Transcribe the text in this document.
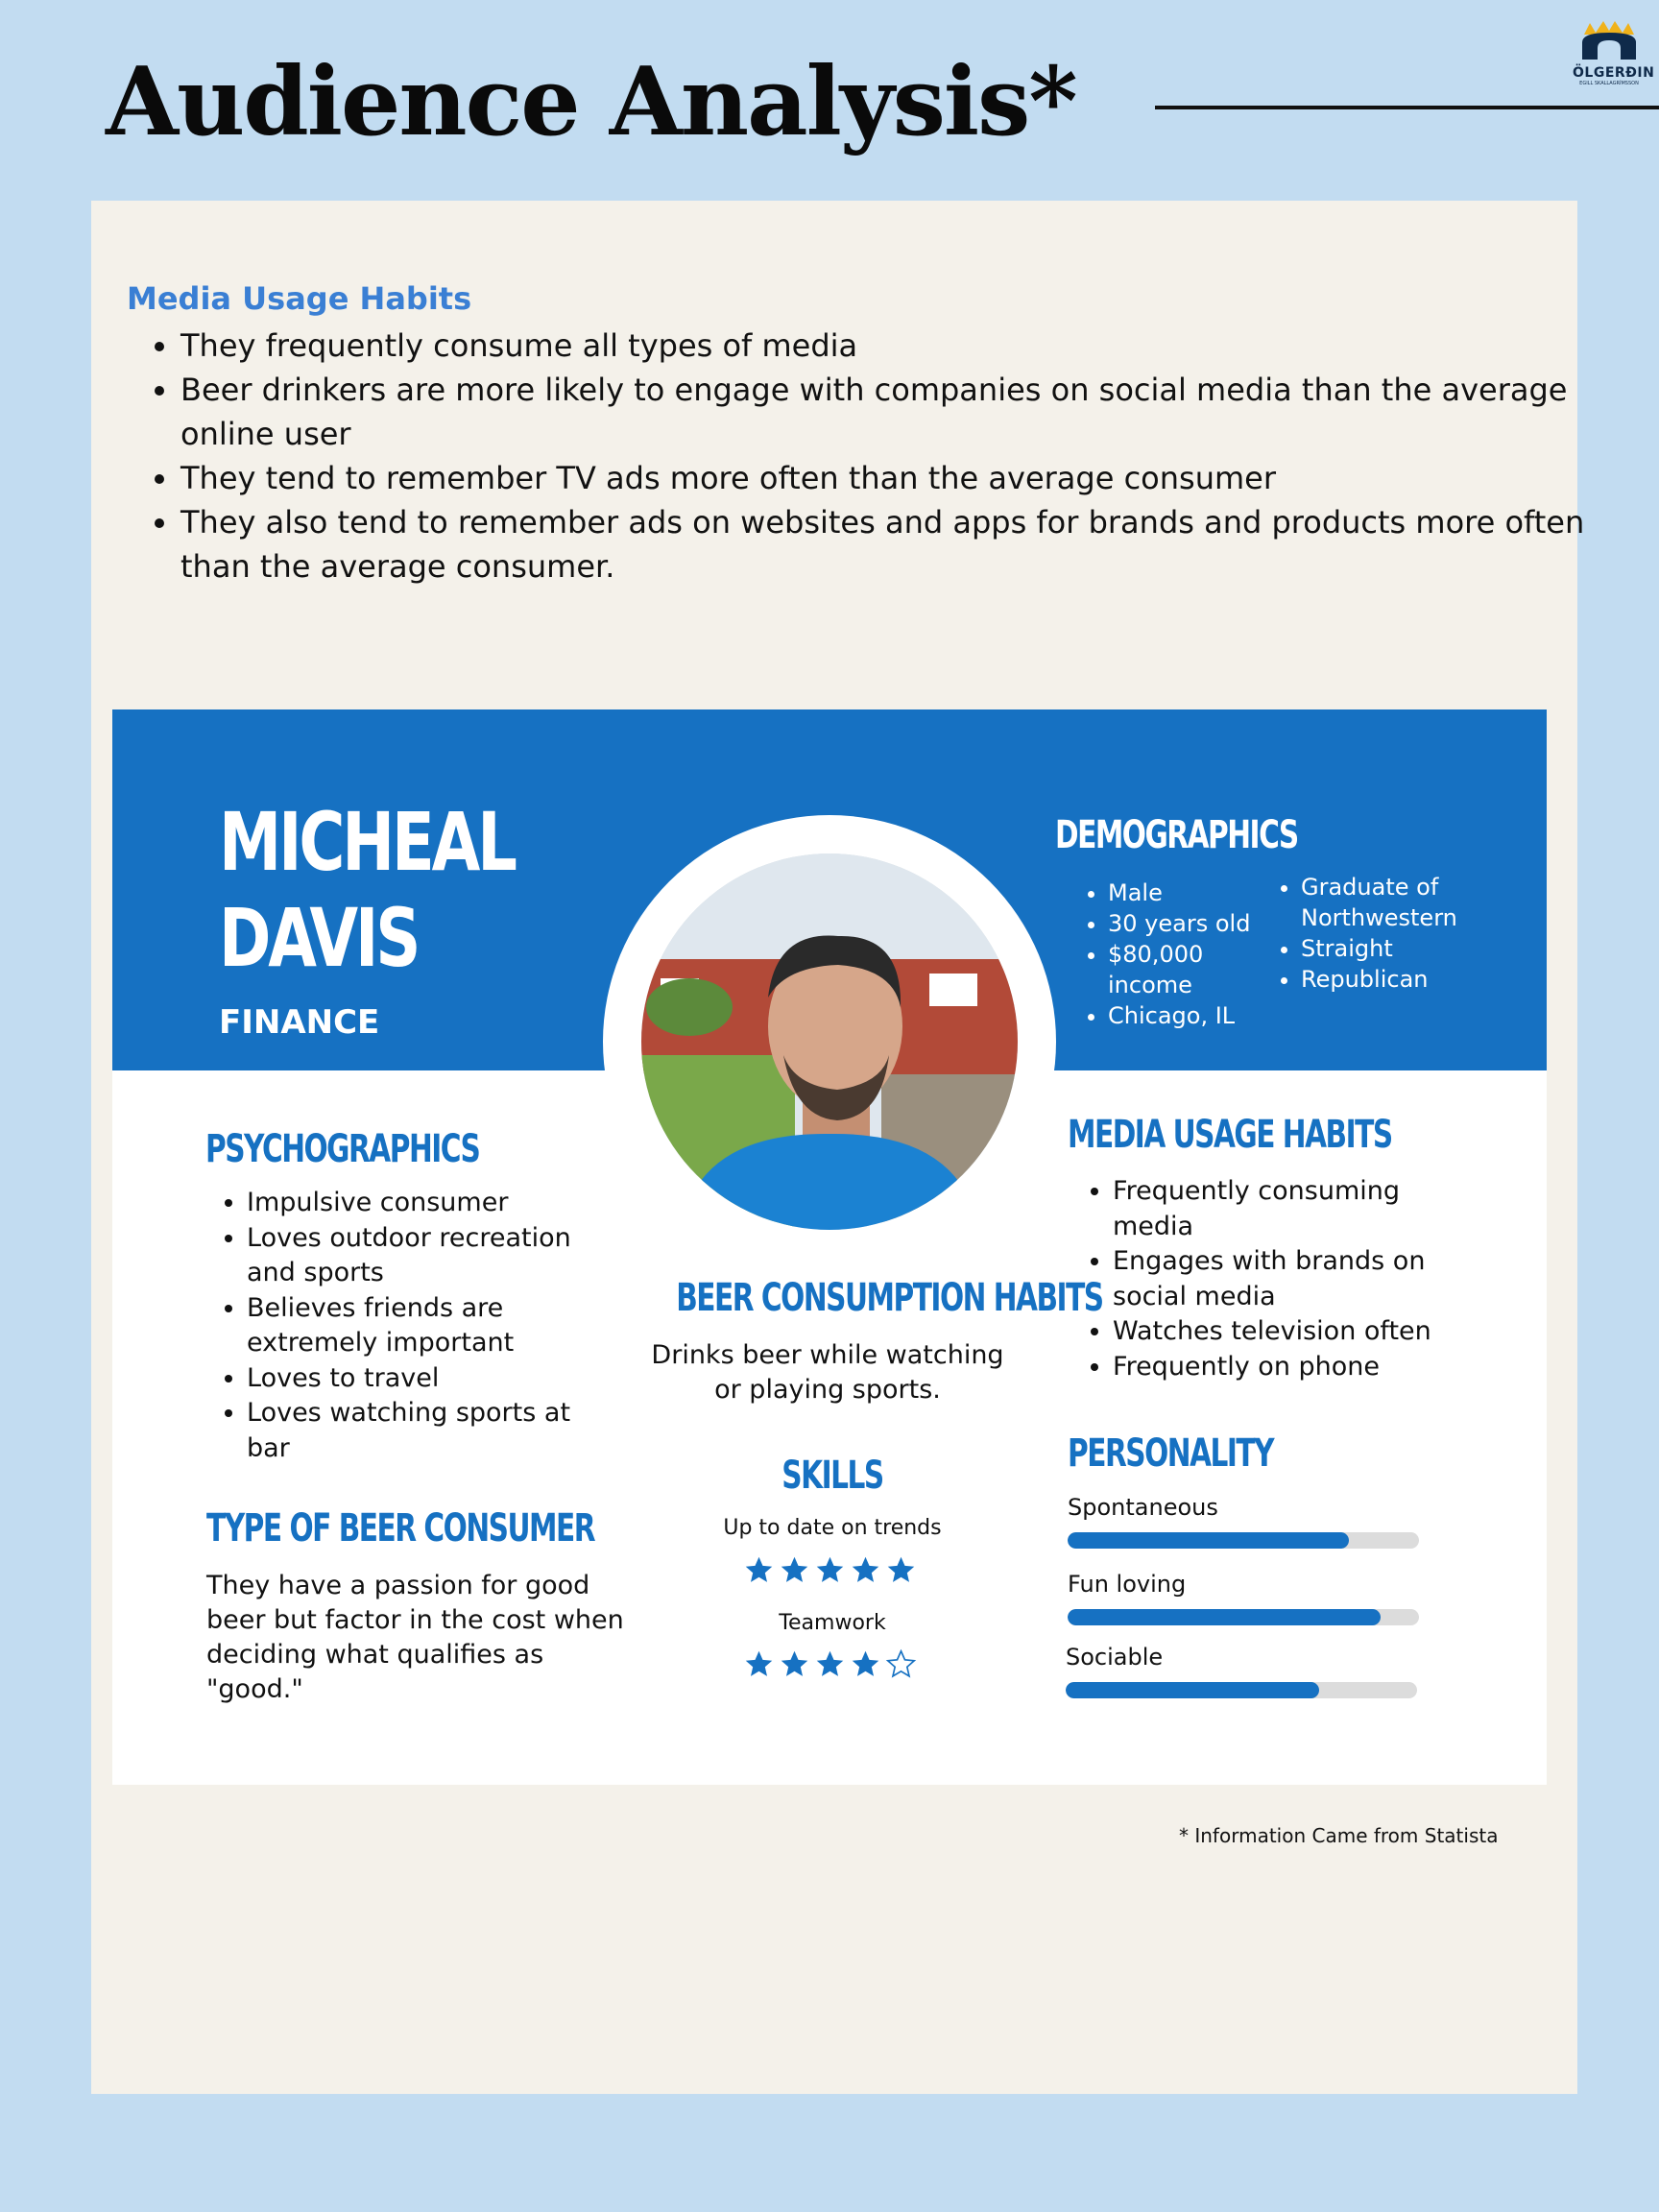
Audience Analysis*	ÖLGERÐIN
EGILL SKALLAGRÍMSSON
Media Usage Habits
• They frequently consume all types of media
• Beer drinkers are more likely to engage with companies on social media than the average online user
• They tend to remember TV ads more often than the average consumer
• They also tend to remember ads on websites and apps for brands and products more often than the average consumer.
MICHEAL
DAVIS

FINANCE

DEMOGRAPHICS
• Male
• 30 years old
• $80,000 income
• Chicago, IL
• Graduate of Northwestern
• Straight
• Republican
PSYCHOGRAPHICS
• Impulsive consumer
• Loves outdoor recreation and sports
• Believes friends are extremely important
• Loves to travel
• Loves watching sports at bar
TYPE OF BEER CONSUMER

They have a passion for good beer but factor in the cost when deciding what qualifies as "good."

BEER CONSUMPTION HABITS

Drinks beer while watching or playing sports.

SKILLS

Up to date on trends

Teamwork

MEDIA USAGE HABITS
• Frequently consuming media
• Engages with brands on social media
• Watches television often
• Frequently on phone
PERSONALITY

Spontaneous

Fun loving

Sociable

* Information Came from Statista
